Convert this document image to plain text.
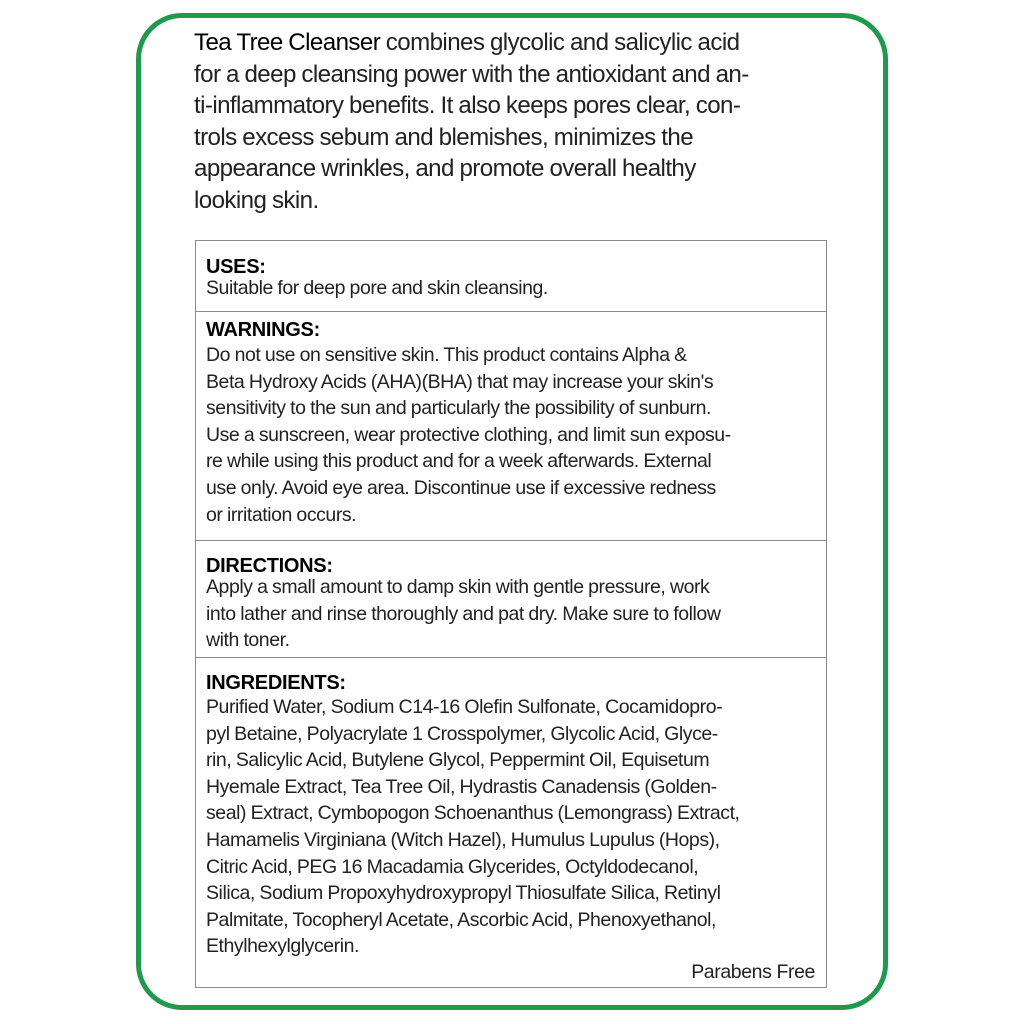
Tea Tree Cleanser combines glycolic and salicylic acid
for a deep cleansing power with the antioxidant and an-
ti-inflammatory benefits. It also keeps pores clear, con-
trols excess sebum and blemishes, minimizes the
appearance wrinkles, and promote overall healthy
looking skin.
USES:
Suitable for deep pore and skin cleansing.
WARNINGS:
Do not use on sensitive skin. This product contains Alpha &
Beta Hydroxy Acids (AHA)(BHA) that may increase your skin's
sensitivity to the sun and particularly the possibility of sunburn.
Use a sunscreen, wear protective clothing, and limit sun exposu-
re while using this product and for a week afterwards. External
use only. Avoid eye area. Discontinue use if excessive redness
or irritation occurs.
DIRECTIONS:
Apply a small amount to damp skin with gentle pressure, work
into lather and rinse thoroughly and pat dry. Make sure to follow
with toner.
INGREDIENTS:
Purified Water, Sodium C14-16 Olefin Sulfonate, Cocamidopro-
pyl Betaine, Polyacrylate 1 Crosspolymer, Glycolic Acid, Glyce-
rin, Salicylic Acid, Butylene Glycol, Peppermint Oil, Equisetum
Hyemale Extract, Tea Tree Oil, Hydrastis Canadensis (Golden-
seal) Extract, Cymbopogon Schoenanthus (Lemongrass) Extract,
Hamamelis Virginiana (Witch Hazel), Humulus Lupulus (Hops),
Citric Acid, PEG 16 Macadamia Glycerides, Octyldodecanol,
Silica, Sodium Propoxyhydroxypropyl Thiosulfate Silica, Retinyl
Palmitate, Tocopheryl Acetate, Ascorbic Acid, Phenoxyethanol,
Ethylhexylglycerin.
Parabens Free
